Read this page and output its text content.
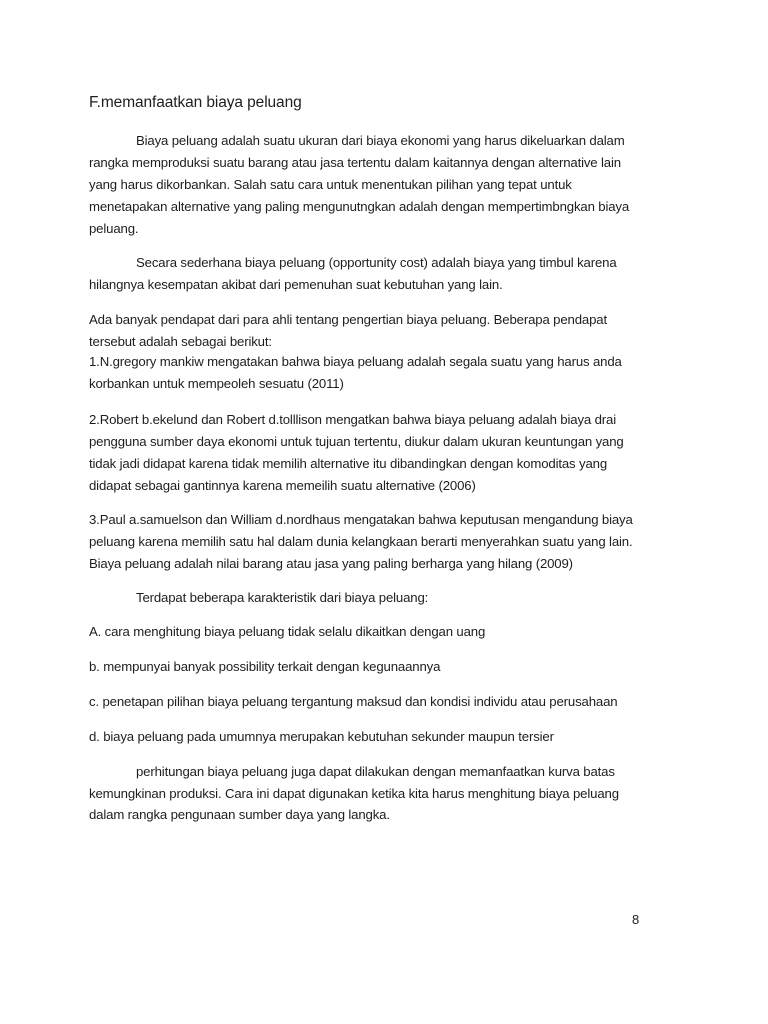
F.memanfaatkan biaya peluang
Biaya peluang adalah suatu ukuran dari biaya ekonomi yang harus dikeluarkan dalam
rangka memproduksi suatu barang atau jasa tertentu dalam kaitannya dengan alternative lain
yang harus dikorbankan. Salah satu cara untuk menentukan pilihan yang tepat untuk
menetapakan alternative yang paling mengunutngkan adalah dengan mempertimbngkan biaya
peluang.
Secara sederhana biaya peluang (opportunity cost) adalah biaya yang timbul karena
hilangnya kesempatan akibat dari pemenuhan suat kebutuhan yang lain.
Ada banyak pendapat dari para ahli tentang pengertian biaya peluang. Beberapa pendapat
tersebut adalah sebagai berikut:
1.N.gregory mankiw mengatakan bahwa biaya peluang adalah segala suatu yang harus anda
korbankan untuk mempeoleh sesuatu (2011)
2.Robert b.ekelund dan Robert d.tolllison mengatkan bahwa biaya peluang adalah biaya drai
pengguna sumber daya ekonomi untuk tujuan tertentu, diukur dalam ukuran keuntungan yang
tidak jadi didapat karena tidak memilih alternative itu dibandingkan dengan komoditas yang
didapat sebagai gantinnya karena memeilih suatu alternative (2006)
3.Paul a.samuelson dan William d.nordhaus mengatakan bahwa keputusan mengandung biaya
peluang karena memilih satu hal dalam dunia kelangkaan berarti menyerahkan suatu yang lain.
Biaya peluang adalah nilai barang atau jasa yang paling berharga yang hilang (2009)
Terdapat beberapa karakteristik dari biaya peluang:
A. cara menghitung biaya peluang tidak selalu dikaitkan dengan uang
b. mempunyai banyak possibility terkait dengan kegunaannya
c. penetapan pilihan biaya peluang tergantung maksud dan kondisi individu atau perusahaan
d. biaya peluang pada umumnya merupakan kebutuhan sekunder maupun tersier
perhitungan biaya peluang juga dapat dilakukan dengan memanfaatkan kurva batas
kemungkinan produksi. Cara ini dapat digunakan ketika kita harus menghitung biaya peluang
dalam rangka pengunaan sumber daya yang langka.
8
